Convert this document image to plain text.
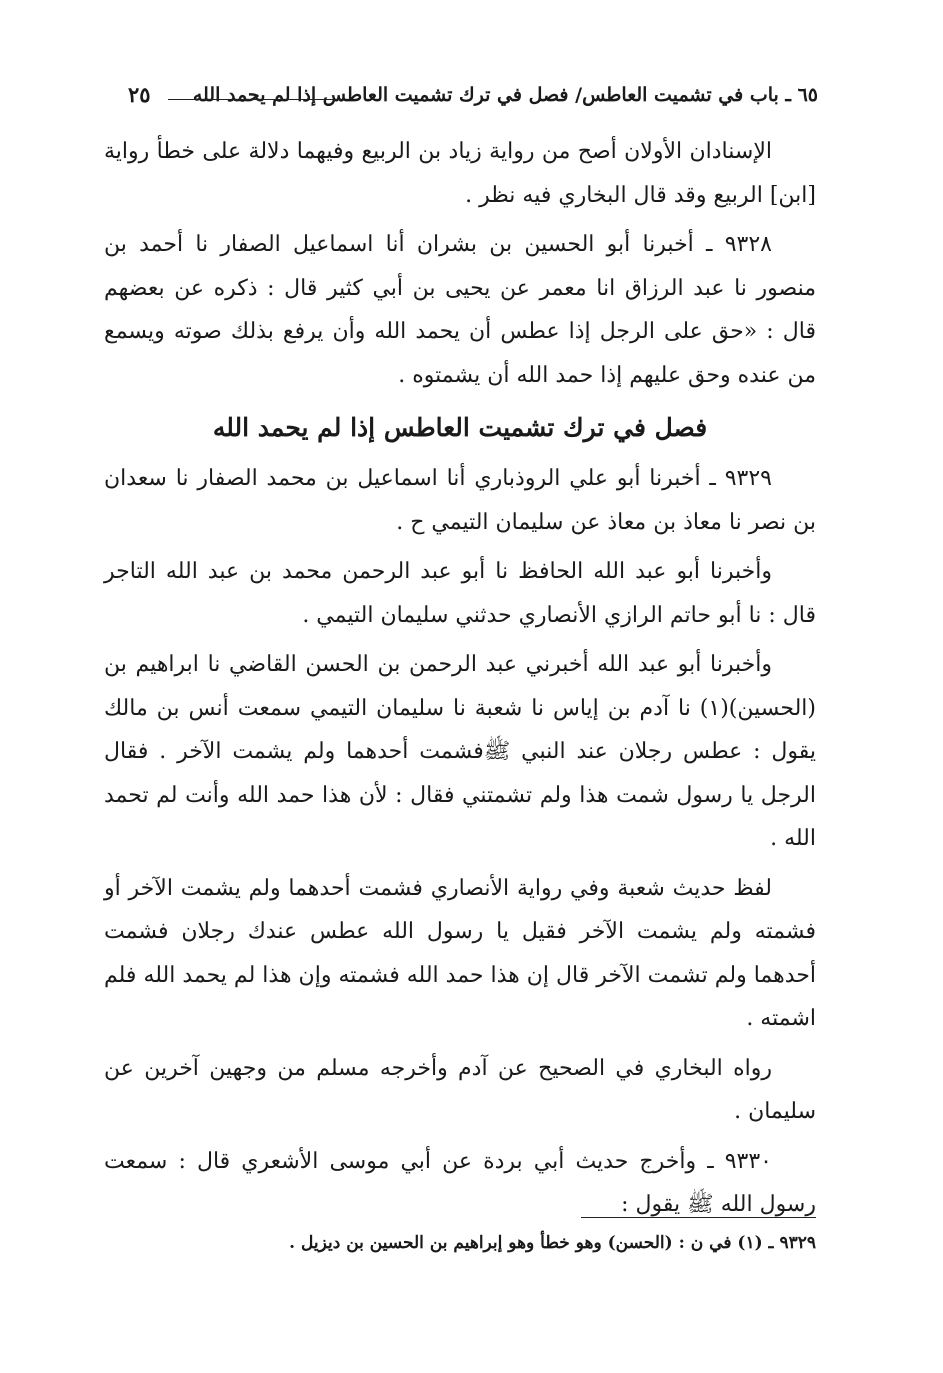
٦٥ ـ باب في تشميت العاطس/ فصل في ترك تشميت العاطس إذا لم يحمد الله
٢٥

الإسنادان الأولان أصح من رواية زياد بن الربيع وفيهما دلالة على خطأ رواية [ابن] الربيع وقد قال البخاري فيه نظر .

٩٣٢٨ ـ أخبرنا أبو الحسين بن بشران أنا اسماعيل الصفار نا أحمد بن منصور نا عبد الرزاق انا معمر عن يحيى بن أبي كثير قال : ذكره عن بعضهم قال : «حق على الرجل إذا عطس أن يحمد الله وأن يرفع بذلك صوته ويسمع من عنده وحق عليهم إذا حمد الله أن يشمتوه .

فصل في ترك تشميت العاطس إذا لم يحمد الله

٩٣٢٩ ـ أخبرنا أبو علي الروذباري أنا اسماعيل بن محمد الصفار نا سعدان بن نصر نا معاذ بن معاذ عن سليمان التيمي ح .

وأخبرنا أبو عبد الله الحافظ نا أبو عبد الرحمن محمد بن عبد الله التاجر قال : نا أبو حاتم الرازي الأنصاري حدثني سليمان التيمي .

وأخبرنا أبو عبد الله أخبرني عبد الرحمن بن الحسن القاضي نا ابراهيم بن (الحسين)(١) نا آدم بن إياس نا شعبة نا سليمان التيمي سمعت أنس بن مالك يقول : عطس رجلان عند النبي ﷺفشمت أحدهما ولم يشمت الآخر . فقال الرجل يا رسول شمت هذا ولم تشمتني فقال : لأن هذا حمد الله وأنت لم تحمد الله .

لفظ حديث شعبة وفي رواية الأنصاري فشمت أحدهما ولم يشمت الآخر أو فشمته ولم يشمت الآخر فقيل يا رسول الله عطس عندك رجلان فشمت أحدهما ولم تشمت الآخر قال إن هذا حمد الله فشمته وإن هذا لم يحمد الله فلم اشمته .

رواه البخاري في الصحيح عن آدم وأخرجه مسلم من وجهين آخرين عن سليمان .

٩٣٣٠ ـ وأخرج حديث أبي بردة عن أبي موسى الأشعري قال : سمعت رسول الله ﷺ يقول :

٩٣٢٩ ـ (١) في ن : (الحسن) وهو خطأ وهو إبراهيم بن الحسين بن ديزيل .
